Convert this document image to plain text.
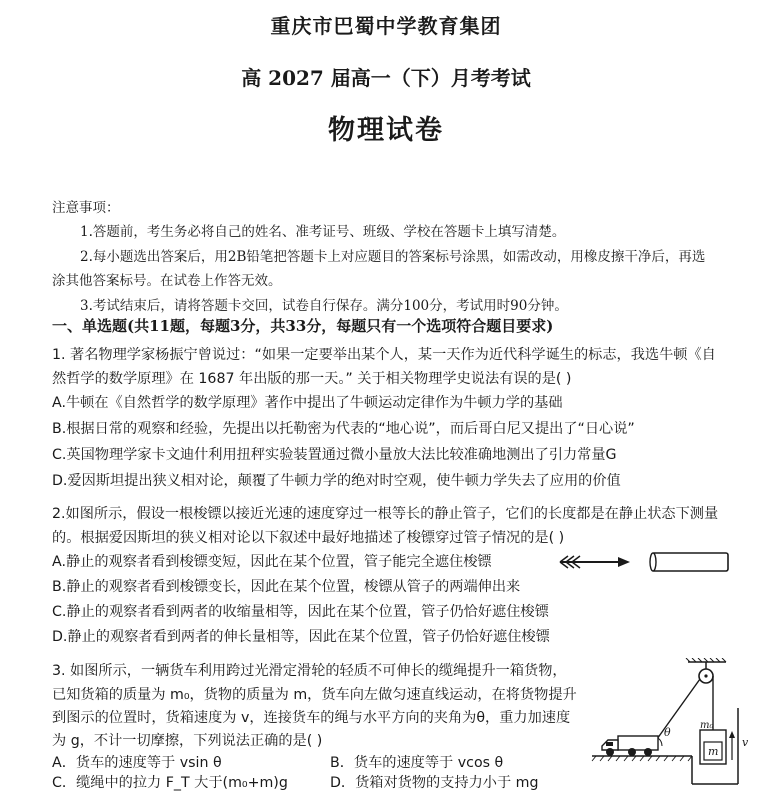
重庆市巴蜀中学教育集团
高 2027 届高一（下）月考考试
物理试卷
注意事项：
1.答题前，考生务必将自己的姓名、准考证号、班级、学校在答题卡上填写清楚。
2.每小题选出答案后，用2B铅笔把答题卡上对应题目的答案标号涂黑，如需改动，用橡皮擦干净后，再选
涂其他答案标号。在试卷上作答无效。
3.考试结束后，请将答题卡交回，试卷自行保存。满分100分，考试用时90分钟。
一、单选题(共11题，每题3分，共33分，每题只有一个选项符合题目要求)
1. 著名物理学家杨振宁曾说过：“如果一定要举出某个人，某一天作为近代科学诞生的标志，我选牛顿《自
然哲学的数学原理》在 1687 年出版的那一天。” 关于相关物理学史说法有误的是( )
A.牛顿在《自然哲学的数学原理》著作中提出了牛顿运动定律作为牛顿力学的基础
B.根据日常的观察和经验，先提出以托勒密为代表的“地心说”，而后哥白尼又提出了“日心说”
C.英国物理学家卡文迪什利用扭秤实验装置通过微小量放大法比较准确地测出了引力常量G
D.爱因斯坦提出狭义相对论，颠覆了牛顿力学的绝对时空观，使牛顿力学失去了应用的价值
2.如图所示，假设一根梭镖以接近光速的速度穿过一根等长的静止管子，它们的长度都是在静止状态下测量
的。根据爱因斯坦的狭义相对论以下叙述中最好地描述了梭镖穿过管子情况的是( )
A.静止的观察者看到梭镖变短，因此在某个位置，管子能完全遮住梭镖
B.静止的观察者看到梭镖变长，因此在某个位置，梭镖从管子的两端伸出来
C.静止的观察者看到两者的收缩量相等，因此在某个位置，管子仍恰好遮住梭镖
D.静止的观察者看到两者的伸长量相等，因此在某个位置，管子仍恰好遮住梭镖
3. 如图所示，一辆货车利用跨过光滑定滑轮的轻质不可伸长的缆绳提升一箱货物，
已知货箱的质量为 m₀，货物的质量为 m，货车向左做匀速直线运动，在将货物提升
到图示的位置时，货箱速度为 v，连接货车的绳与水平方向的夹角为θ，重力加速度
为 g，不计一切摩擦，下列说法正确的是( )
A．货车的速度等于 vsin θ	B．货车的速度等于 vcos θ
C．缆绳中的拉力 F_T 大于(m₀+m)g	D．货箱对货物的支持力小于 mg
θ
m₀
m
v
